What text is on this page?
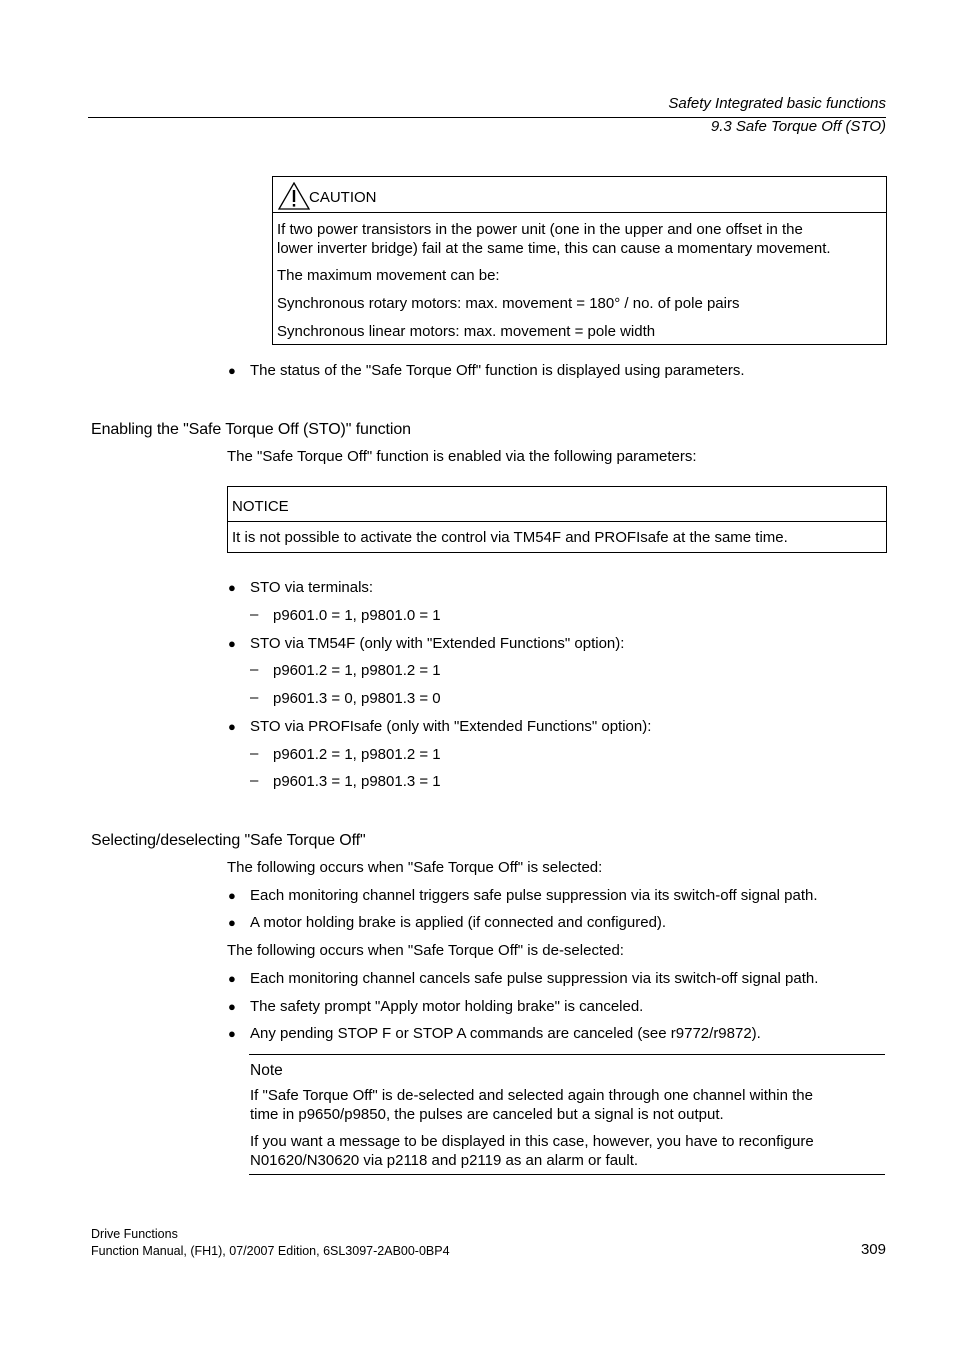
Safety Integrated basic functions
9.3 Safe Torque Off (STO)
CAUTION
If two power transistors in the power unit (one in the upper and one offset in the
lower inverter bridge) fail at the same time, this can cause a momentary movement.
The maximum movement can be:
Synchronous rotary motors: max. movement = 180° / no. of pole pairs
Synchronous linear motors: max. movement = pole width
● The status of the "Safe Torque Off" function is displayed using parameters.
Enabling the "Safe Torque Off (STO)" function
The "Safe Torque Off" function is enabled via the following parameters:
NOTICE
It is not possible to activate the control via TM54F and PROFIsafe at the same time.
● STO via terminals:
– p9601.0 = 1, p9801.0 = 1
● STO via TM54F (only with "Extended Functions" option):
– p9601.2 = 1, p9801.2 = 1
– p9601.3 = 0, p9801.3 = 0
● STO via PROFIsafe (only with "Extended Functions" option):
– p9601.2 = 1, p9801.2 = 1
– p9601.3 = 1, p9801.3 = 1
Selecting/deselecting "Safe Torque Off"
The following occurs when "Safe Torque Off" is selected:
● Each monitoring channel triggers safe pulse suppression via its switch-off signal path.
● A motor holding brake is applied (if connected and configured).
The following occurs when "Safe Torque Off" is de-selected:
● Each monitoring channel cancels safe pulse suppression via its switch-off signal path.
● The safety prompt "Apply motor holding brake" is canceled.
● Any pending STOP F or STOP A commands are canceled (see r9772/r9872).
Note
If "Safe Torque Off" is de-selected and selected again through one channel within the
time in p9650/p9850, the pulses are canceled but a signal is not output.
If you want a message to be displayed in this case, however, you have to reconfigure
N01620/N30620 via p2118 and p2119 as an alarm or fault.
Drive Functions
Function Manual, (FH1), 07/2007 Edition, 6SL3097-2AB00-0BP4	309
